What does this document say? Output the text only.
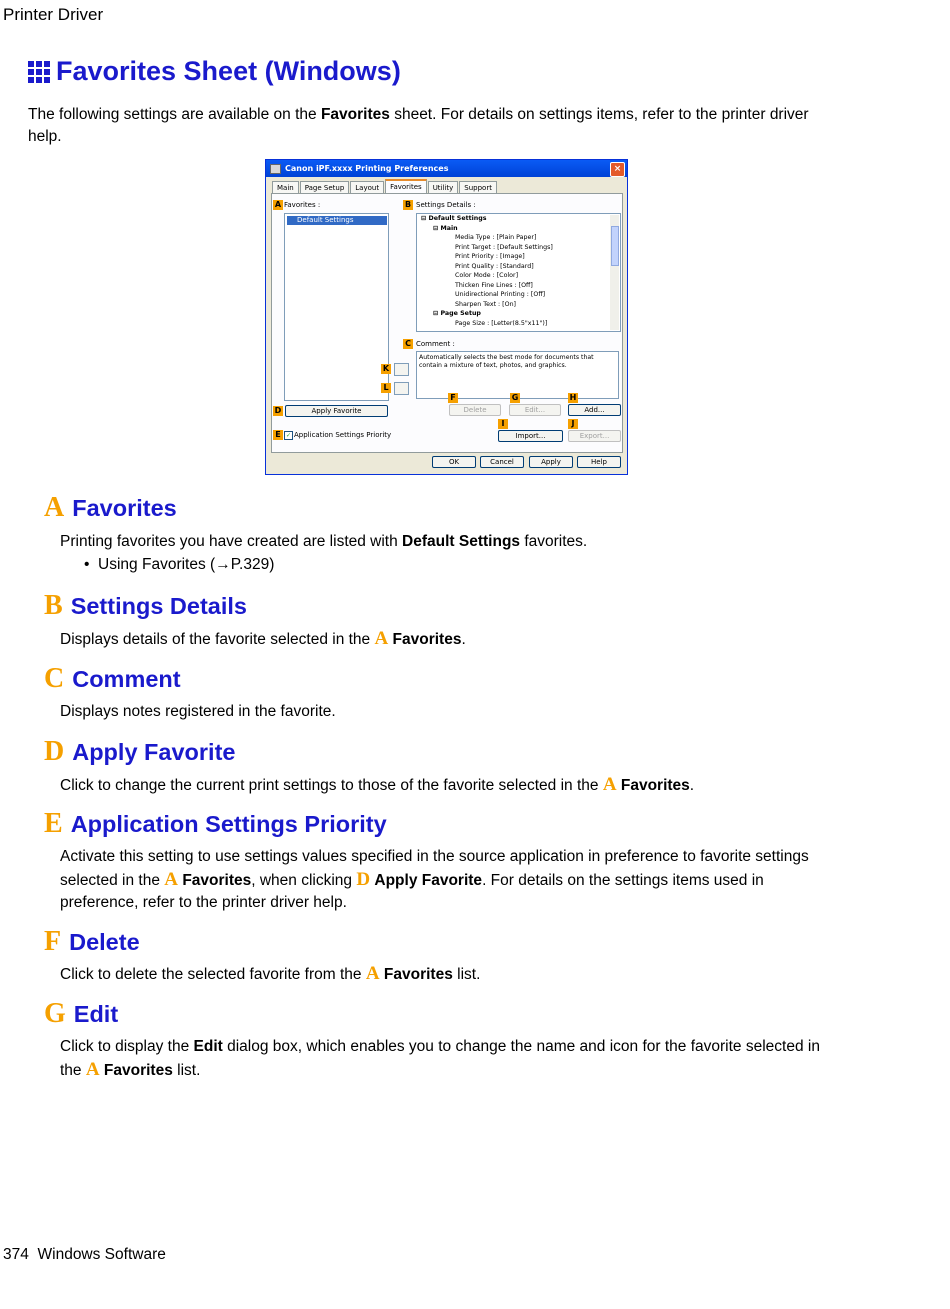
Printer Driver
Favorites Sheet (Windows)
The following settings are available on the Favorites sheet. For details on settings items, refer to the printer driver help.
Canon iPF.xxxx Printing Preferences	×
Main	Page Setup	Layout	Favorites	Utility	Support
A Favorites :
Default Settings
B Settings Details :
⊟ Default Settings
⊟ Main
Media Type : [Plain Paper]
Print Target : [Default Settings]
Print Priority : [Image]
Print Quality : [Standard]
Color Mode : [Color]
Thicken Fine Lines : [Off]
Unidirectional Printing : [Off]
Sharpen Text : [On]
⊟ Page Setup
Page Size : [Letter(8.5"x11")]
C Comment :
Automatically selects the best mode for documents that contain a mixture of text, photos, and graphics.
K
L
F	G	H
D	Apply Favorite	Delete	Edit...	Add...
I	J
E ✓ Application Settings Priority	Import...	Export...
OK	Cancel	Apply	Help
A Favorites
Printing favorites you have created are listed with Default Settings favorites.
•  Using Favorites (→P.329)
B Settings Details
Displays details of the favorite selected in the A Favorites.
C Comment
Displays notes registered in the favorite.
D Apply Favorite
Click to change the current print settings to those of the favorite selected in the A Favorites.
E Application Settings Priority
Activate this setting to use settings values specified in the source application in preference to favorite settings selected in the A Favorites, when clicking D Apply Favorite. For details on the settings items used in preference, refer to the printer driver help.
F Delete
Click to delete the selected favorite from the A Favorites list.
G Edit
Click to display the Edit dialog box, which enables you to change the name and icon for the favorite selected in the A Favorites list.
374 Windows Software
